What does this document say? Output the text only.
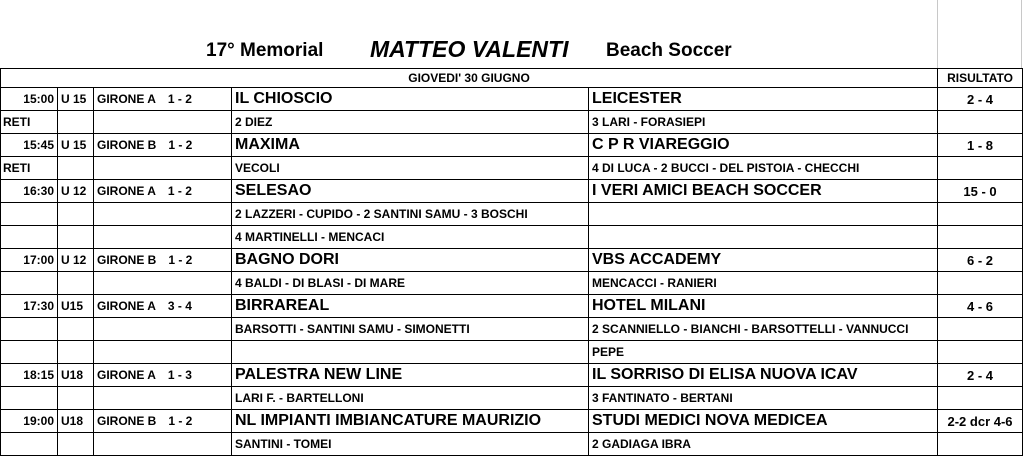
17° Memorial MATTEO VALENTI Beach Soccer
GIOVEDI' 30 GIUGNO					RISULTATO
15:00	U 15	GIRONE A 1 - 2	IL CHIOSCIO	LEICESTER	2 - 4
RETI			2 DIEZ	3 LARI - FORASIEPI	
15:45	U 15	GIRONE B 1 - 2	MAXIMA	C P R VIAREGGIO	1 - 8
RETI			VECOLI	4 DI LUCA - 2 BUCCI - DEL PISTOIA - CHECCHI	
16:30	U 12	GIRONE A 1 - 2	SELESAO	I VERI AMICI BEACH SOCCER	15 - 0
			2 LAZZERI - CUPIDO - 2 SANTINI SAMU - 3 BOSCHI		
			4 MARTINELLI - MENCACI		
17:00	U 12	GIRONE B 1 - 2	BAGNO DORI	VBS ACCADEMY	6 - 2
			4 BALDI - DI BLASI - DI MARE	MENCACCI - RANIERI	
17:30	U15	GIRONE A 3 - 4	BIRRAREAL	HOTEL MILANI	4 - 6
			BARSOTTI - SANTINI SAMU - SIMONETTI	2 SCANNIELLO - BIANCHI - BARSOTTELLI - VANNUCCI	
				PEPE	
18:15	U18	GIRONE A 1 - 3	PALESTRA NEW LINE	IL SORRISO DI ELISA NUOVA ICAV	2 - 4
			LARI F. - BARTELLONI	3 FANTINATO - BERTANI	
19:00	U18	GIRONE B 1 - 2	NL IMPIANTI IMBIANCATURE MAURIZIO	STUDI MEDICI NOVA MEDICEA	2-2 dcr 4-6
			SANTINI - TOMEI	2 GADIAGA IBRA	
